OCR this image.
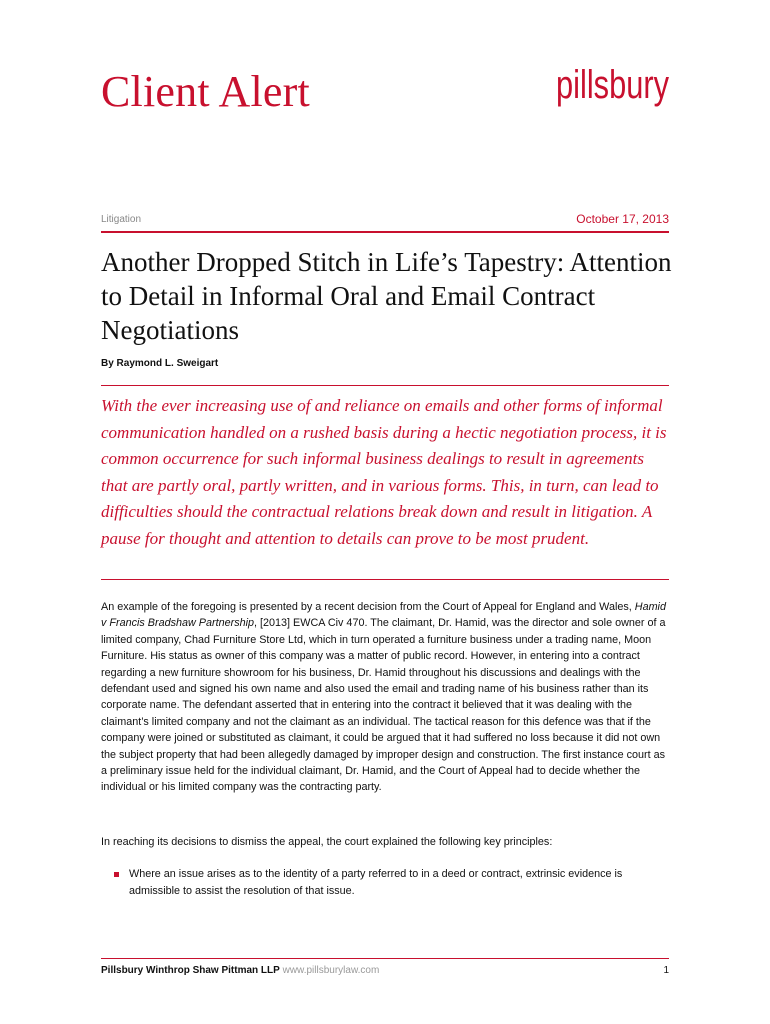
Client Alert	pillsbury
Litigation	October 17, 2013
Another Dropped Stitch in Life’s Tapestry: Attention to Detail in Informal Oral and Email Contract Negotiations
By Raymond L. Sweigart

With the ever increasing use of and reliance on emails and other forms of informal communication handled on a rushed basis during a hectic negotiation process, it is common occurrence for such informal business dealings to result in agreements that are partly oral, partly written, and in various forms. This, in turn, can lead to difficulties should the contractual relations break down and result in litigation. A pause for thought and attention to details can prove to be most prudent.

An example of the foregoing is presented by a recent decision from the Court of Appeal for England and Wales, Hamid v Francis Bradshaw Partnership, [2013] EWCA Civ 470. The claimant, Dr. Hamid, was the director and sole owner of a limited company, Chad Furniture Store Ltd, which in turn operated a furniture business under a trading name, Moon Furniture. His status as owner of this company was a matter of public record. However, in entering into a contract regarding a new furniture showroom for his business, Dr. Hamid throughout his discussions and dealings with the defendant used and signed his own name and also used the email and trading name of his business rather than its corporate name. The defendant asserted that in entering into the contract it believed that it was dealing with the claimant’s limited company and not the claimant as an individual. The tactical reason for this defence was that if the company were joined or substituted as claimant, it could be argued that it had suffered no loss because it did not own the subject property that had been allegedly damaged by improper design and construction. The first instance court as a preliminary issue held for the individual claimant, Dr. Hamid, and the Court of Appeal had to decide whether the individual or his limited company was the contracting party.

In reaching its decisions to dismiss the appeal, the court explained the following key principles:

Where an issue arises as to the identity of a party referred to in a deed or contract, extrinsic evidence is admissible to assist the resolution of that issue.
Pillsbury Winthrop Shaw Pittman LLP www.pillsburylaw.com	1
